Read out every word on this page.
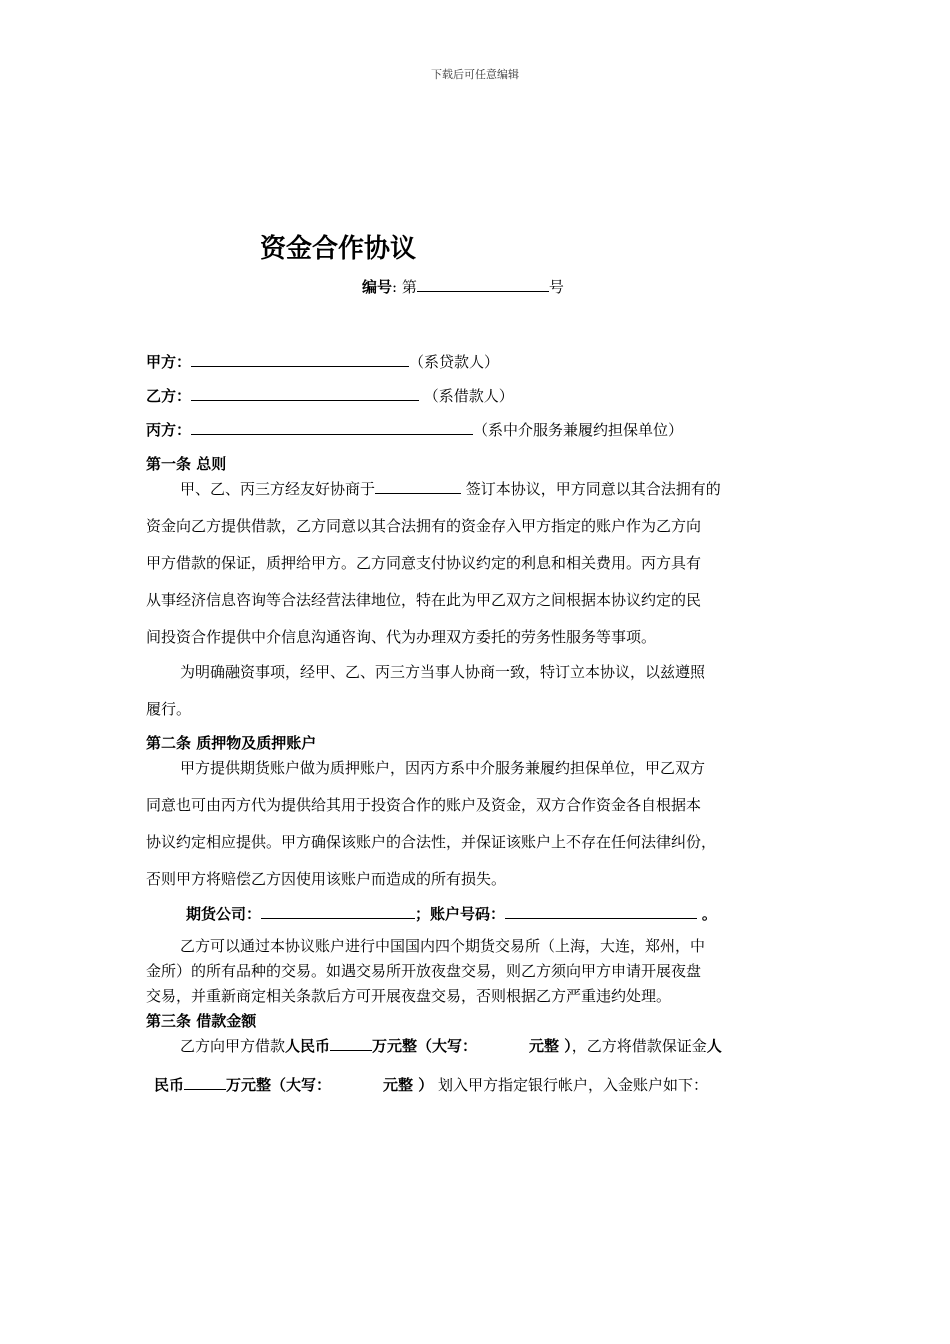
下载后可任意编辑
资金合作协议
编号: 第	号
甲方：	（系贷款人）
乙方：	（系借款人）
丙方：	（系中介服务兼履约担保单位）
第一条 总则
甲、乙、丙三方经友好协商于	签订本协议，甲方同意以其合法拥有的
资金向乙方提供借款，乙方同意以其合法拥有的资金存入甲方指定的账户作为乙方向
甲方借款的保证，质押给甲方。乙方同意支付协议约定的利息和相关费用。丙方具有
从事经济信息咨询等合法经营法律地位，特在此为甲乙双方之间根据本协议约定的民
间投资合作提供中介信息沟通咨询、代为办理双方委托的劳务性服务等事项。
为明确融资事项，经甲、乙、丙三方当事人协商一致，特订立本协议，以兹遵照
履行。
第二条 质押物及质押账户
甲方提供期货账户做为质押账户，因丙方系中介服务兼履约担保单位，甲乙双方
同意也可由丙方代为提供给其用于投资合作的账户及资金，双方合作资金各自根据本
协议约定相应提供。甲方确保该账户的合法性，并保证该账户上不存在任何法律纠份，
否则甲方将赔偿乙方因使用该账户而造成的所有损失。
期货公司：	；账户号码：	。
乙方可以通过本协议账户进行中国国内四个期货交易所（上海，大连，郑州，中
金所）的所有品种的交易。如遇交易所开放夜盘交易，则乙方须向甲方申请开展夜盘
交易，并重新商定相关条款后方可开展夜盘交易，否则根据乙方严重违约处理。
第三条 借款金额
乙方向甲方借款人民币	万元整（大写：	元整 ），乙方将借款保证金人
民币	万元整（大写：	元整 ） 划入甲方指定银行帐户，入金账户如下：
